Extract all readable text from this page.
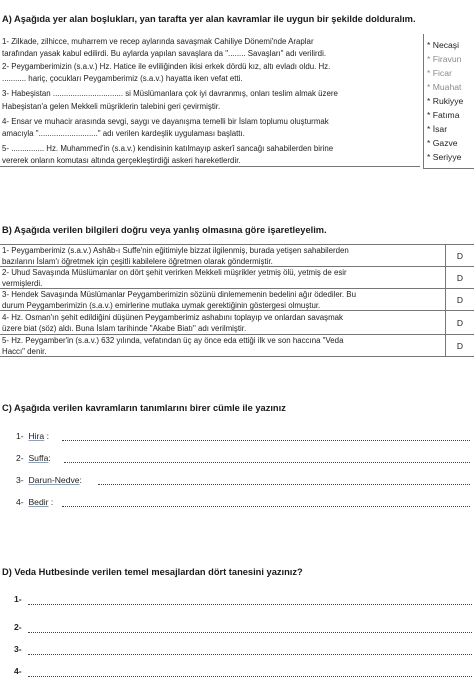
A) Aşağıda yer alan boşlukları, yan tarafta yer alan kavramlar ile uygun bir şekilde dolduralım.
1- Zilkade, zilhicce, muharrem ve recep aylarında savaşmak Cahiliye Dönemi'nde Araplar
tarafından yasak kabul edilirdi. Bu aylarda yapılan savaşlara da "........ Savaşları" adı verilirdi.
2- Peygamberimizin (s.a.v.) Hz. Hatice ile evliliğinden ikisi erkek dördü kız, altı evladı oldu. Hz.
........... hariç, çocukları Peygamberimiz (s.a.v.) hayatta iken vefat etti.
3- Habeşistan ................................ si Müslümanlara çok iyi davranmış, onları teslim almak üzere
Habeşistan'a gelen Mekkeli müşriklerin talebini geri çevirmiştir.
4- Ensar ve muhacir arasında sevgi, saygı ve dayanışma temelli bir İslam toplumu oluşturmak
amacıyla "..........................." adı verilen kardeşlik uygulaması başlattı.
5- ............... Hz. Muhammed'in (s.a.v.) kendisinin katılmayıp askerî sancağı sahabilerden birine
vererek onların komutası altında gerçekleştirdiği askeri hareketlerdir.
* Necaşi
* Firavun
* Ficar
* Muahat
* Rukiyye
* Fatıma
* İsar
* Gazve
* Seriyye
B) Aşağıda verilen bilgileri doğru veya yanlış olmasına göre işaretleyelim.
1- Peygamberimiz (s.a.v.) Ashâb-ı Suffe'nin eğitimiyle bizzat ilgilenmiş, burada yetişen sahabilerden
bazılarını İslam'ı öğretmek için çeşitli kabilelere öğretmen olarak göndermiştir.	D
2- Uhud Savaşında Müslümanlar on dört şehit verirken Mekkeli müşrikler yetmiş ölü, yetmiş de esir
vermişlerdi.	D
3- Hendek Savaşında Müslümanlar Peygamberimizin sözünü dinlememenin bedelini ağır ödediler. Bu
durum Peygamberimizin (s.a.v.) emirlerine mutlaka uymak gerektiğinin göstergesi olmuştur.	D
4- Hz. Osman'ın şehit edildiğini düşünen Peygamberimiz ashabını toplayıp ve onlardan savaşmak
üzere biat (söz) aldı. Buna İslam tarihinde "Akabe Biatı" adı verilmiştir.	D
5- Hz. Peygamber'in (s.a.v.) 632 yılında, vefatından üç ay önce eda ettiği ilk ve son haccına "Veda
Haccı" denir.	D
C) Aşağıda verilen kavramların tanımlarını birer cümle ile yazınız
1- Hira :
2- Suffa:
3- Darun-Nedve:
4- Bedir :
D) Veda Hutbesinde verilen temel mesajlardan dört tanesini yazınız?
1-
2-
3-
4-
